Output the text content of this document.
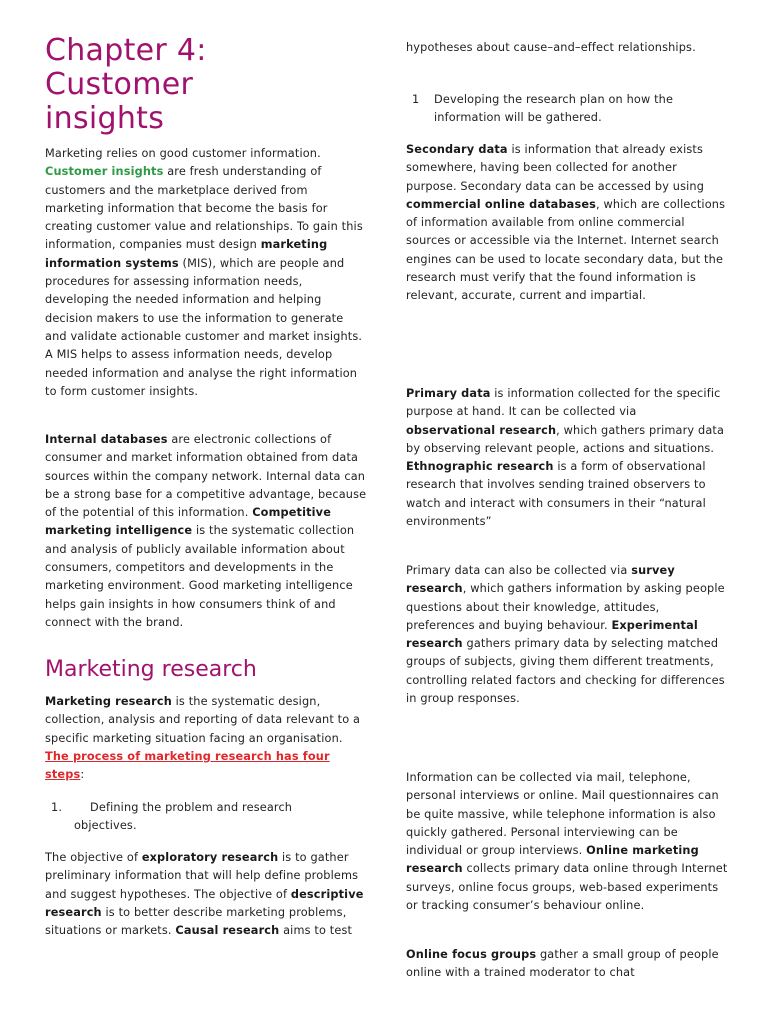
Chapter 4:
Customer
insights

Marketing relies on good customer information. Customer insights are fresh understanding of customers and the marketplace derived from marketing information that become the basis for creating customer value and relationships. To gain this information, companies must design marketing information systems (MIS), which are people and procedures for assessing information needs, developing the needed information and helping decision makers to use the information to generate and validate actionable customer and market insights. A MIS helps to assess information needs, develop needed information and analyse the right information to form customer insights.

Internal databases are electronic collections of consumer and market information obtained from data sources within the company network. Internal data can be a strong base for a competitive advantage, because of the potential of this information. Competitive marketing intelligence is the systematic collection and analysis of publicly available information about consumers, competitors and developments in the marketing environment. Good marketing intelligence helps gain insights in how consumers think of and connect with the brand.

Marketing research

Marketing research is the systematic design, collection, analysis and reporting of data relevant to a specific marketing situation facing an organisation. The process of marketing research has four steps:

1. Defining the problem and research
objectives.

The objective of exploratory research is to gather preliminary information that will help define problems and suggest hypotheses. The objective of descriptive research is to better describe marketing problems, situations or markets. Causal research aims to test

hypotheses about cause–and–effect relationships.

1 Developing the research plan on how the information will be gathered.

Secondary data is information that already exists somewhere, having been collected for another purpose. Secondary data can be accessed by using commercial online databases, which are collections of information available from online commercial sources or accessible via the Internet. Internet search engines can be used to locate secondary data, but the research must verify that the found information is relevant, accurate, current and impartial.

Primary data is information collected for the specific purpose at hand. It can be collected via observational research, which gathers primary data by observing relevant people, actions and situations. Ethnographic research is a form of observational research that involves sending trained observers to watch and interact with consumers in their “natural environments”

Primary data can also be collected via survey research, which gathers information by asking people questions about their knowledge, attitudes, preferences and buying behaviour. Experimental research gathers primary data by selecting matched groups of subjects, giving them different treatments, controlling related factors and checking for differences in group responses.

Information can be collected via mail, telephone, personal interviews or online. Mail questionnaires can be quite massive, while telephone information is also quickly gathered. Personal interviewing can be individual or group interviews. Online marketing research collects primary data online through Internet surveys, online focus groups, web-based experiments or tracking consumer’s behaviour online.

Online focus groups gather a small group of people online with a trained moderator to chat
